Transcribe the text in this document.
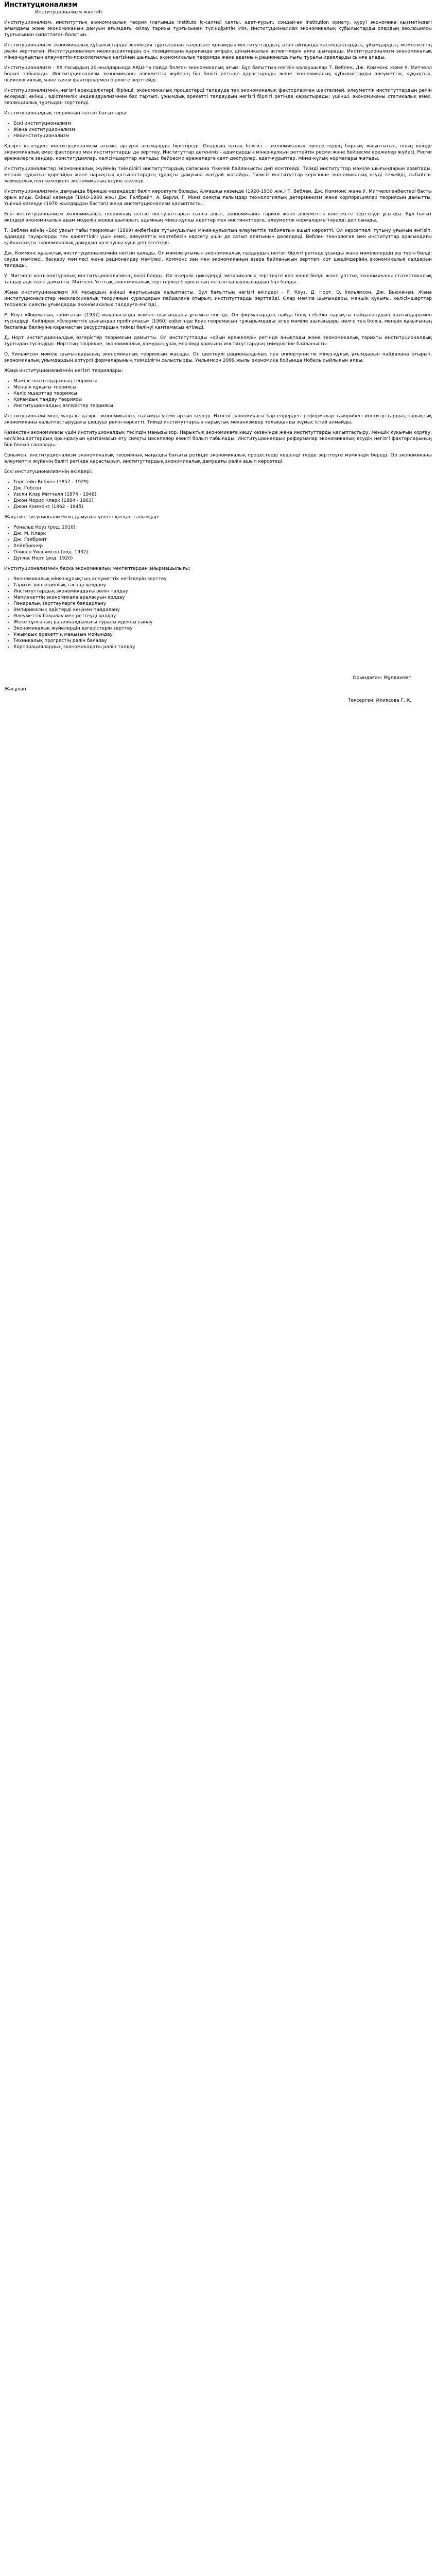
Институционализм
Институционализм жөнтеб

Институционализм, институттық экономикалық теория (латынша instituto іс-салма) салты, әдет-ғұрып, сондай-ақ institution орнату, құру) экономика қызметіндегі ағымдағы және экономиканың дамуын ағымдағы ойлау тарихы тұрғысынан түсіндіретін ілім. Институционализм экономикалық құбылыстарды олардың эволюциясы тұрғысынан сипаттаған болатын.

Институционализм экономикалық құбылыстарды эволюция тұрғысынан талдаған: қоғамдық институттардың, атап айтқанда кәсіподақтардың, ұйымдардың, мемлекеттің рөлін зерттеген. Институционализм неоклассиктердің оң позициясына қарағанда өмірдің динамикалық аспектілерін алға шығарады. Институционализм экономикалық мінез-құлықтың әлеуметтік-психологиялық негізінен шығады, экономикалық теорияда жеке адамның рационалдылығы туралы идеяларды сынға алады.

Институционализм - ХХ ғасырдың 20-жылдарында АҚШ-та пайда болған экономикалық ағым. Бұл бағыттың негізін қалаушылар Т. Веблен, Дж. Коммонс және У. Митчелл болып табылады. Институционализм экономиканы әлеуметтік жүйенің бір бөлігі ретінде қарастырады және экономикалық құбылыстарды әлеуметтік, құқықтық, психологиялық және саяси факторлармен бірлікте зерттейді.

Институционализмнің негізгі ерекшеліктері: бірінші, экономикалық процестерді талдауда тек экономикалық факторлармен шектелмей, әлеуметтік институттардың рөлін ескереді; екінші, әдістемелік индивидуализмнен бас тартып, ұжымдық әрекетті талдаудың негізгі бірлігі ретінде қарастырады; үшінші, экономиканы статикалық емес, эволюциялық тұрғыдан зерттейді.

Институционалдық теорияның негізгі бағыттары:

• Ескі институционализм
• Жаңа институционализм
• Неоинституционализм

Қазіргі кезеңдегі институционализм ағымы әртүрлі ағымдарды біріктіреді. Олардың ортақ белгісі - экономикалық процестердің барлық жиынтығын, оның ішінде экономикалық емес факторлар мен институттарды да зерттеу. Институттар дегеніміз - адамдардың мінез-құлқын реттейтін ресми және бейресми ережелер жүйесі. Ресми ережелерге заңдар, конституциялар, келісімшарттар жатады; бейресми ережелерге салт-дәстүрлер, әдет-ғұрыптар, мінез-құлық нормалары жатады.

Институционалистер экономикалық жүйенің тиімділігі институттардың сапасына тікелей байланысты деп есептейді. Тиімді институттар мәміле шығындарын азайтады, меншік құқығын қорғайды және нарықтық қатынастардың тұрақты дамуына жағдай жасайды. Тиімсіз институттар керісінше экономикалық өсуді тежейді, сыбайлас жемқорлық пен көлеңкелі экономиканың өсуіне әкеледі.

Институционализмнің дамуында бірнеше кезеңдерді бөліп көрсетуге болады. Алғашқы кезеңде (1920-1930 жж.) Т. Веблен, Дж. Коммонс және У. Митчелл еңбектері басты орын алды. Екінші кезеңде (1940-1960 жж.) Дж. Гэлбрейт, А. Берли, Г. Минз сияқты ғалымдар технологиялық детерминизм және корпорациялар теориясын дамытты. Үшінші кезеңде (1970 жылдардан бастап) жаңа институционализм қалыптасты.

Ескі институционализм экономикалық теорияның негізгі постулаттарын сынға алып, экономиканы тарихи және әлеуметтік контексте зерттеуді ұсынды. Бұл бағыт өкілдері экономикалық адам моделін жоққа шығарып, адамның мінез-құлқы әдеттер мен инстинкттерге, әлеуметтік нормаларға тәуелді деп санады.

Т. Веблен өзінің «Бос уақыт табы теориясы» (1899) еңбегінде тұтынушылық мінез-құлықтың әлеуметтік табиғатын ашып көрсетті. Ол көрсетпелі тұтыну ұғымын енгізіп, адамдар тауарларды тек қажеттілігі үшін емес, әлеуметтік мәртебесін көрсету үшін де сатып алатынын дәлелдеді. Веблен технология мен институттар арасындағы қайшылықты экономикалық дамудың қозғаушы күші деп есептеді.

Дж. Коммонс құқықтық институционализмнің негізін қалады. Ол мәміле ұғымын экономикалық талдаудың негізгі бірлігі ретінде ұсынды және мәмілелердің үш түрін бөлді: сауда мәмілесі, басқару мәмілесі және рационалдау мәмілесі. Коммонс заң мен экономиканың өзара байланысын зерттеп, сот шешімдерінің экономикалық салдарын талдады.

У. Митчелл конъюнктуралық институционализмнің өкілі болды. Ол іскерлік циклдерді эмпирикалық зерттеуге көп көңіл бөлді және ұлттық экономиканы статистикалық талдау әдістерін дамытты. Митчелл Ұлттық экономикалық зерттеулер бюросының негізін қалаушылардың бірі болды.

Жаңа институционализм ХХ ғасырдың екінші жартысында қалыптасты. Бұл бағыттың негізгі өкілдері - Р. Коуз, Д. Норт, О. Уильямсон, Дж. Бьюкенен. Жаңа институционалистер неоклассикалық теорияның құралдарын пайдалана отырып, институттарды зерттейді. Олар мәміле шығындары, меншік құқығы, келісімшарттар теориясы сияқты ұғымдарды экономикалық талдауға енгізді.

Р. Коуз «Фирманың табиғаты» (1937) мақаласында мәміле шығындары ұғымын енгізді. Ол фирмалардың пайда болу себебін нарықты пайдаланудың шығындарымен түсіндірді. Кейінірек «Әлеуметтік шығындар проблемасы» (1960) еңбегінде Коуз теоремасын тұжырымдады: егер мәміле шығындары нөлге тең болса, меншік құқығының бастапқы бөлінуіне қарамастан ресурстардың тиімді бөлінуі қамтамасыз етіледі.

Д. Норт институционалдық өзгерістер теориясын дамытты. Ол институттарды «ойын ережелері» ретінде анықтады және экономикалық тарихты институционалдық тұрғыдан түсіндірді. Норттың пікірінше, экономикалық дамудың ұзақ мерзімді қарқыны институттардың тиімділігіне байланысты.

О. Уильямсон мәміле шығындарының экономикалық теориясын жасады. Ол шектеулі рационалдылық пен оппортунистік мінез-құлық ұғымдарын пайдалана отырып, экономикалық ұйымдардың әртүрлі формаларының тиімділігін салыстырды. Уильямсон 2009 жылы экономика бойынша Нобель сыйлығын алды.

Жаңа институционализмнің негізгі теориялары:

• Мәміле шығындарының теориясы
• Меншік құқығы теориясы
• Келісімшарттар теориясы
• Қоғамдық таңдау теориясы
• Институционалдық өзгерістер теориясы

Институционализмнің маңызы қазіргі экономикалық ғылымда үнемі артып келеді. Өтпелі экономикасы бар елдердегі реформалар тәжірибесі институттардың нарықтық экономиканы қалыптастырудағы шешуші рөлін көрсетті. Тиімді институттарсыз нарықтық механизмдер толыққанды жұмыс істей алмайды.

Қазақстан экономикасы үшін институционалдық тәсілдің маңызы зор. Нарықтық экономикаға көшу кезеңінде жаңа институттарды қалыптастыру, меншік құқығын қорғау, келісімшарттардың орындалуын қамтамасыз ету сияқты мәселелер өзекті болып табылады. Институционалдық реформалар экономикалық өсудің негізгі факторларының бірі болып саналады.

Сонымен, институционализм экономикалық теорияның маңызды бағыты ретінде экономикалық процестерді кешенді түрде зерттеуге мүмкіндік береді. Ол экономиканы әлеуметтік жүйенің бөлігі ретінде қарастырып, институттардың экономикалық дамудағы рөлін ашып көрсетеді.

Ескі институционализмнің өкілдері:

• Торстейн Веблен (1857 - 1929)
• Дж. Гобсон
• Уэсли Клэр Митчелл (1874 - 1948)
• Джон Морис Кларк (1884 - 1963)
• Джон Коммонс (1862 - 1945)

Жаңа институционализмнің дамуына үлесін қосқан ғалымдар:

• Рональд Коуз (род. 1910)
• Дж. М. Кларк
• Дж. Гэлбрейт
• Хейлбронер
• Оливер Уильямсон (род. 1932)
• Дуглас Норт (род. 1920)

Институционализмнің басқа экономикалық мектептерден айырмашылығы:

• Экономикалық мінез-құлықтың әлеуметтік негіздерін зерттеу
• Тарихи-эволюциялық тәсілді қолдану
• Институттардың экономикадағы рөлін талдау
• Мемлекеттің экономикаға араласуын қолдау
• Пәнаралық зерттеулерге бағдарлану
• Эмпирикалық әдістерді кеңінен пайдалану
• Әлеуметтік бақылау мен реттеуді қолдау
• Жеке тұлғаның рационалдылығы туралы идеяны сынау
• Экономикалық жүйелердің өзгерістерін зерттеу
• Ұжымдық әрекеттің маңызын мойындау
• Техникалық прогрестің рөлін бағалау
• Корпорациялардың экономикадағы рөлін талдау
Орындаған: Мұлдахмет
Жасұлан
Тексерген: Илиясова Г. К.
